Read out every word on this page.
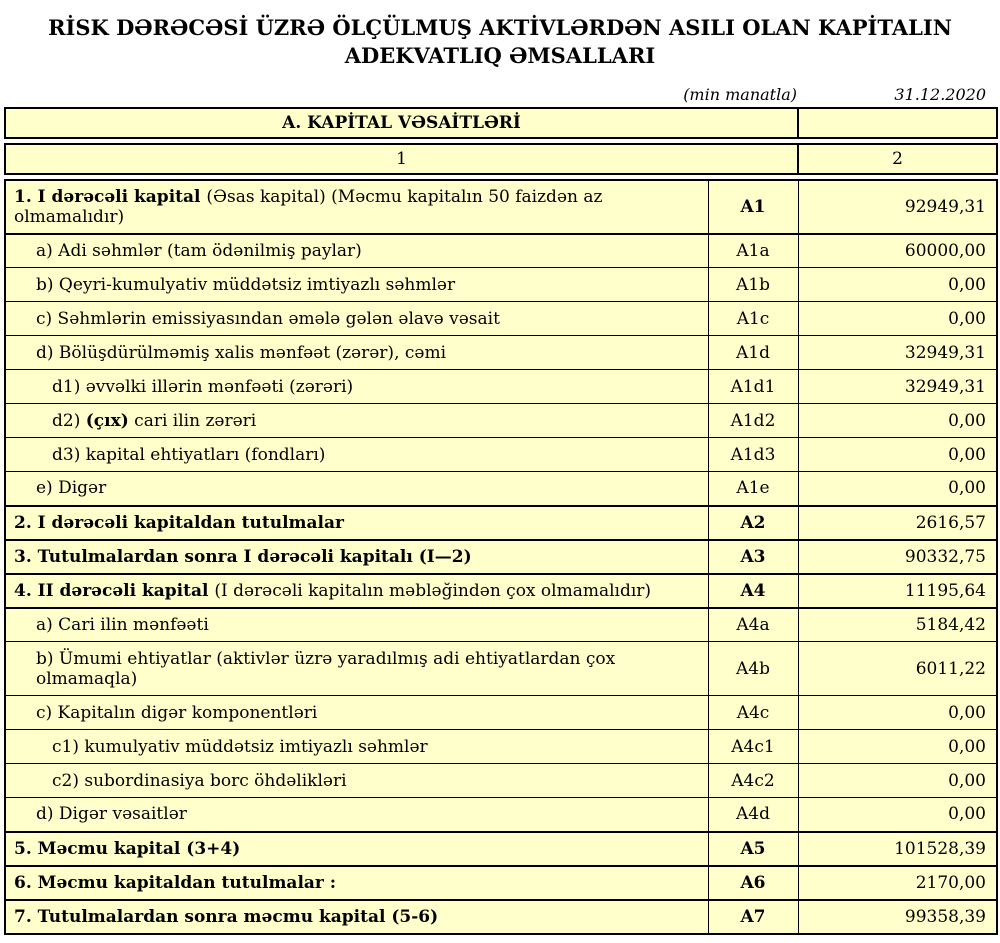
RİSK DƏRƏCƏSİ ÜZRƏ ÖLÇÜLMUŞ AKTİVLƏRDƏN ASILI OLAN KAPİTALIN
ADEKVATLIQ ƏMSALLARI
(min manatla)	31.12.2020
A. KAPİTAL VƏSAİTLƏRİ	
1	2
1. I dərəcəli kapital (Əsas kapital) (Məcmu kapitalın 50 faizdən az olmamalıdır)	A1	92949,31
a) Adi səhmlər (tam ödənilmiş paylar)	A1a	60000,00
b) Qeyri-kumulyativ müddətsiz imtiyazlı səhmlər	A1b	0,00
c) Səhmlərin emissiyasından əmələ gələn əlavə vəsait	A1c	0,00
d) Bölüşdürülməmiş xalis mənfəət (zərər), cəmi	A1d	32949,31
d1) əvvəlki illərin mənfəəti (zərəri)	A1d1	32949,31
d2) (çıx) cari ilin zərəri	A1d2	0,00
d3) kapital ehtiyatları (fondları)	A1d3	0,00
e) Digər	A1e	0,00
2. I dərəcəli kapitaldan tutulmalar	A2	2616,57
3. Tutulmalardan sonra I dərəcəli kapitalı (I—2)	A3	90332,75
4. II dərəcəli kapital (I dərəcəli kapitalın məbləğindən çox olmamalıdır)	A4	11195,64
a) Cari ilin mənfəəti	A4a	5184,42
b) Ümumi ehtiyatlar (aktivlər üzrə yaradılmış adi ehtiyatlardan çox olmamaqla)	A4b	6011,22
c) Kapitalın digər komponentləri	A4c	0,00
c1) kumulyativ müddətsiz imtiyazlı səhmlər	A4c1	0,00
c2) subordinasiya borc öhdəlikləri	A4c2	0,00
d) Digər vəsaitlər	A4d	0,00
5. Məcmu kapital (3+4)	A5	101528,39
6. Məcmu kapitaldan tutulmalar :	A6	2170,00
7. Tutulmalardan sonra məcmu kapital (5-6)	A7	99358,39
